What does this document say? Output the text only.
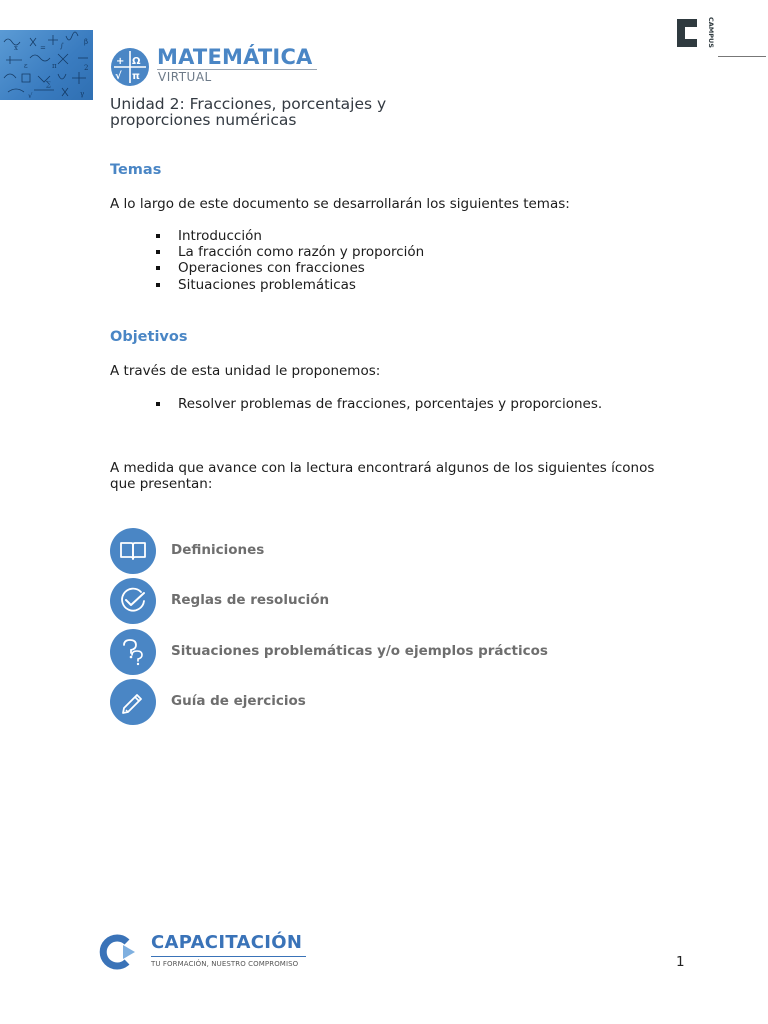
x	= ∫	β
ε	π
∑
2
√	γ
+ Ω
√ π
MATEMÁTICA
VIRTUAL
CAMPUS
Unidad 2: Fracciones, porcentajes y
proporciones numéricas
Temas
A lo largo de este documento se desarrollarán los siguientes temas:
Introducción
La fracción como razón y proporción
Operaciones con fracciones
Situaciones problemáticas
Objetivos
A través de esta unidad le proponemos:
Resolver problemas de fracciones, porcentajes y proporciones.
A medida que avance con la lectura encontrará algunos de los siguientes íconos
que presentan:
Definiciones
Reglas de resolución
Situaciones problemáticas y/o ejemplos prácticos
Guía de ejercicios
CAPACITACIÓN
TU FORMACIÓN, NUESTRO COMPROMISO	1
